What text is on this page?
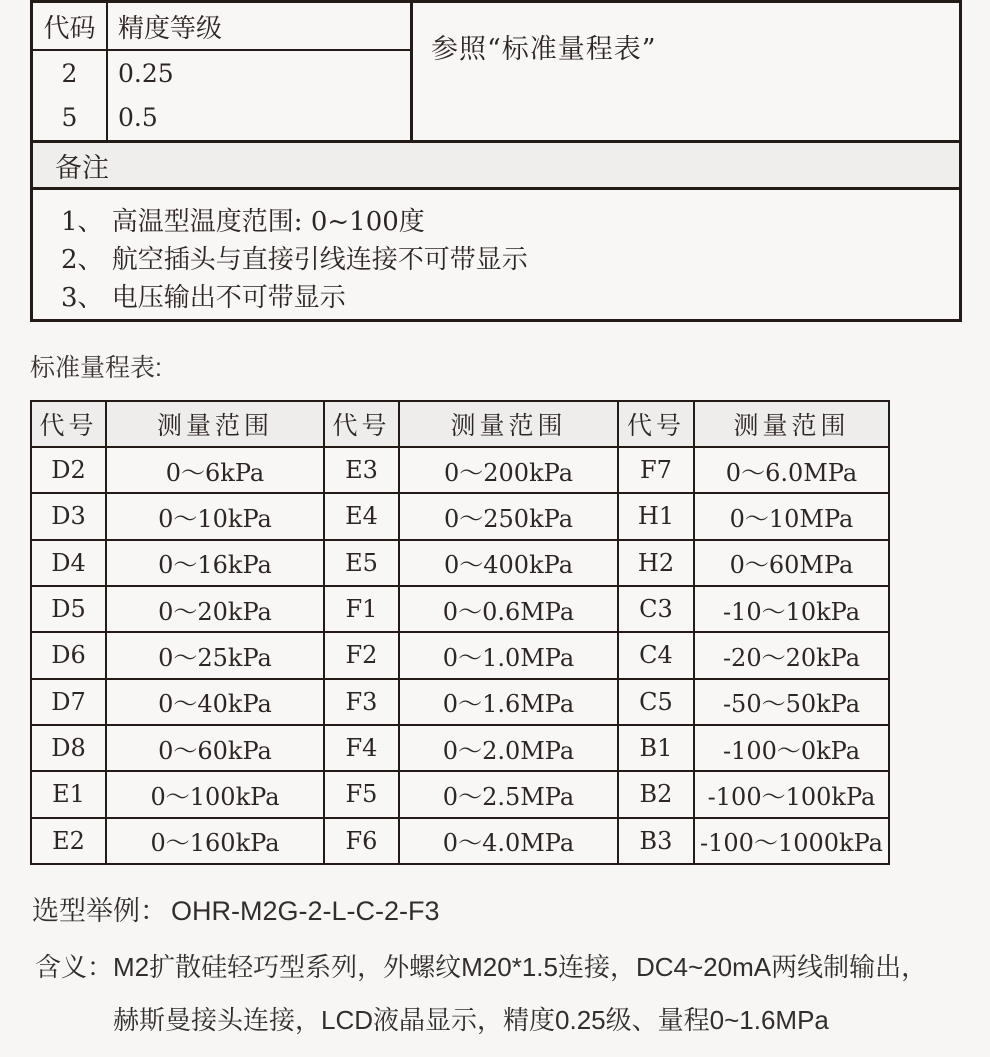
代码 精度等级
2	0.25
5	0.5
参照“标准量程表”
备注
1、 高温型温度范围: 0~100度
2、 航空插头与直接引线连接不可带显示
3、 电压输出不可带显示
标准量程表:
代号	测量范围	代号	测量范围	代号	测量范围
D2	0～6kPa	E3	0～200kPa	F7	0～6.0MPa
D3	0～10kPa	E4	0～250kPa	H1	0～10MPa
D4	0～16kPa	E5	0～400kPa	H2	0～60MPa
D5	0～20kPa	F1	0～0.6MPa	C3	-10～10kPa
D6	0～25kPa	F2	0～1.0MPa	C4	-20～20kPa
D7	0～40kPa	F3	0～1.6MPa	C5	-50～50kPa
D8	0～60kPa	F4	0～2.0MPa	B1	-100～0kPa
E1	0～100kPa	F5	0～2.5MPa	B2	-100～100kPa
E2	0～160kPa	F6	0～4.0MPa	B3	-100～1000kPa
选型举例： OHR-M2G-2-L-C-2-F3
含义： M2扩散硅轻巧型系列，外螺纹M20*1.5连接，DC4~20mA两线制输出，
赫斯曼接头连接，LCD液晶显示，精度0.25级、量程0~1.6MPa
